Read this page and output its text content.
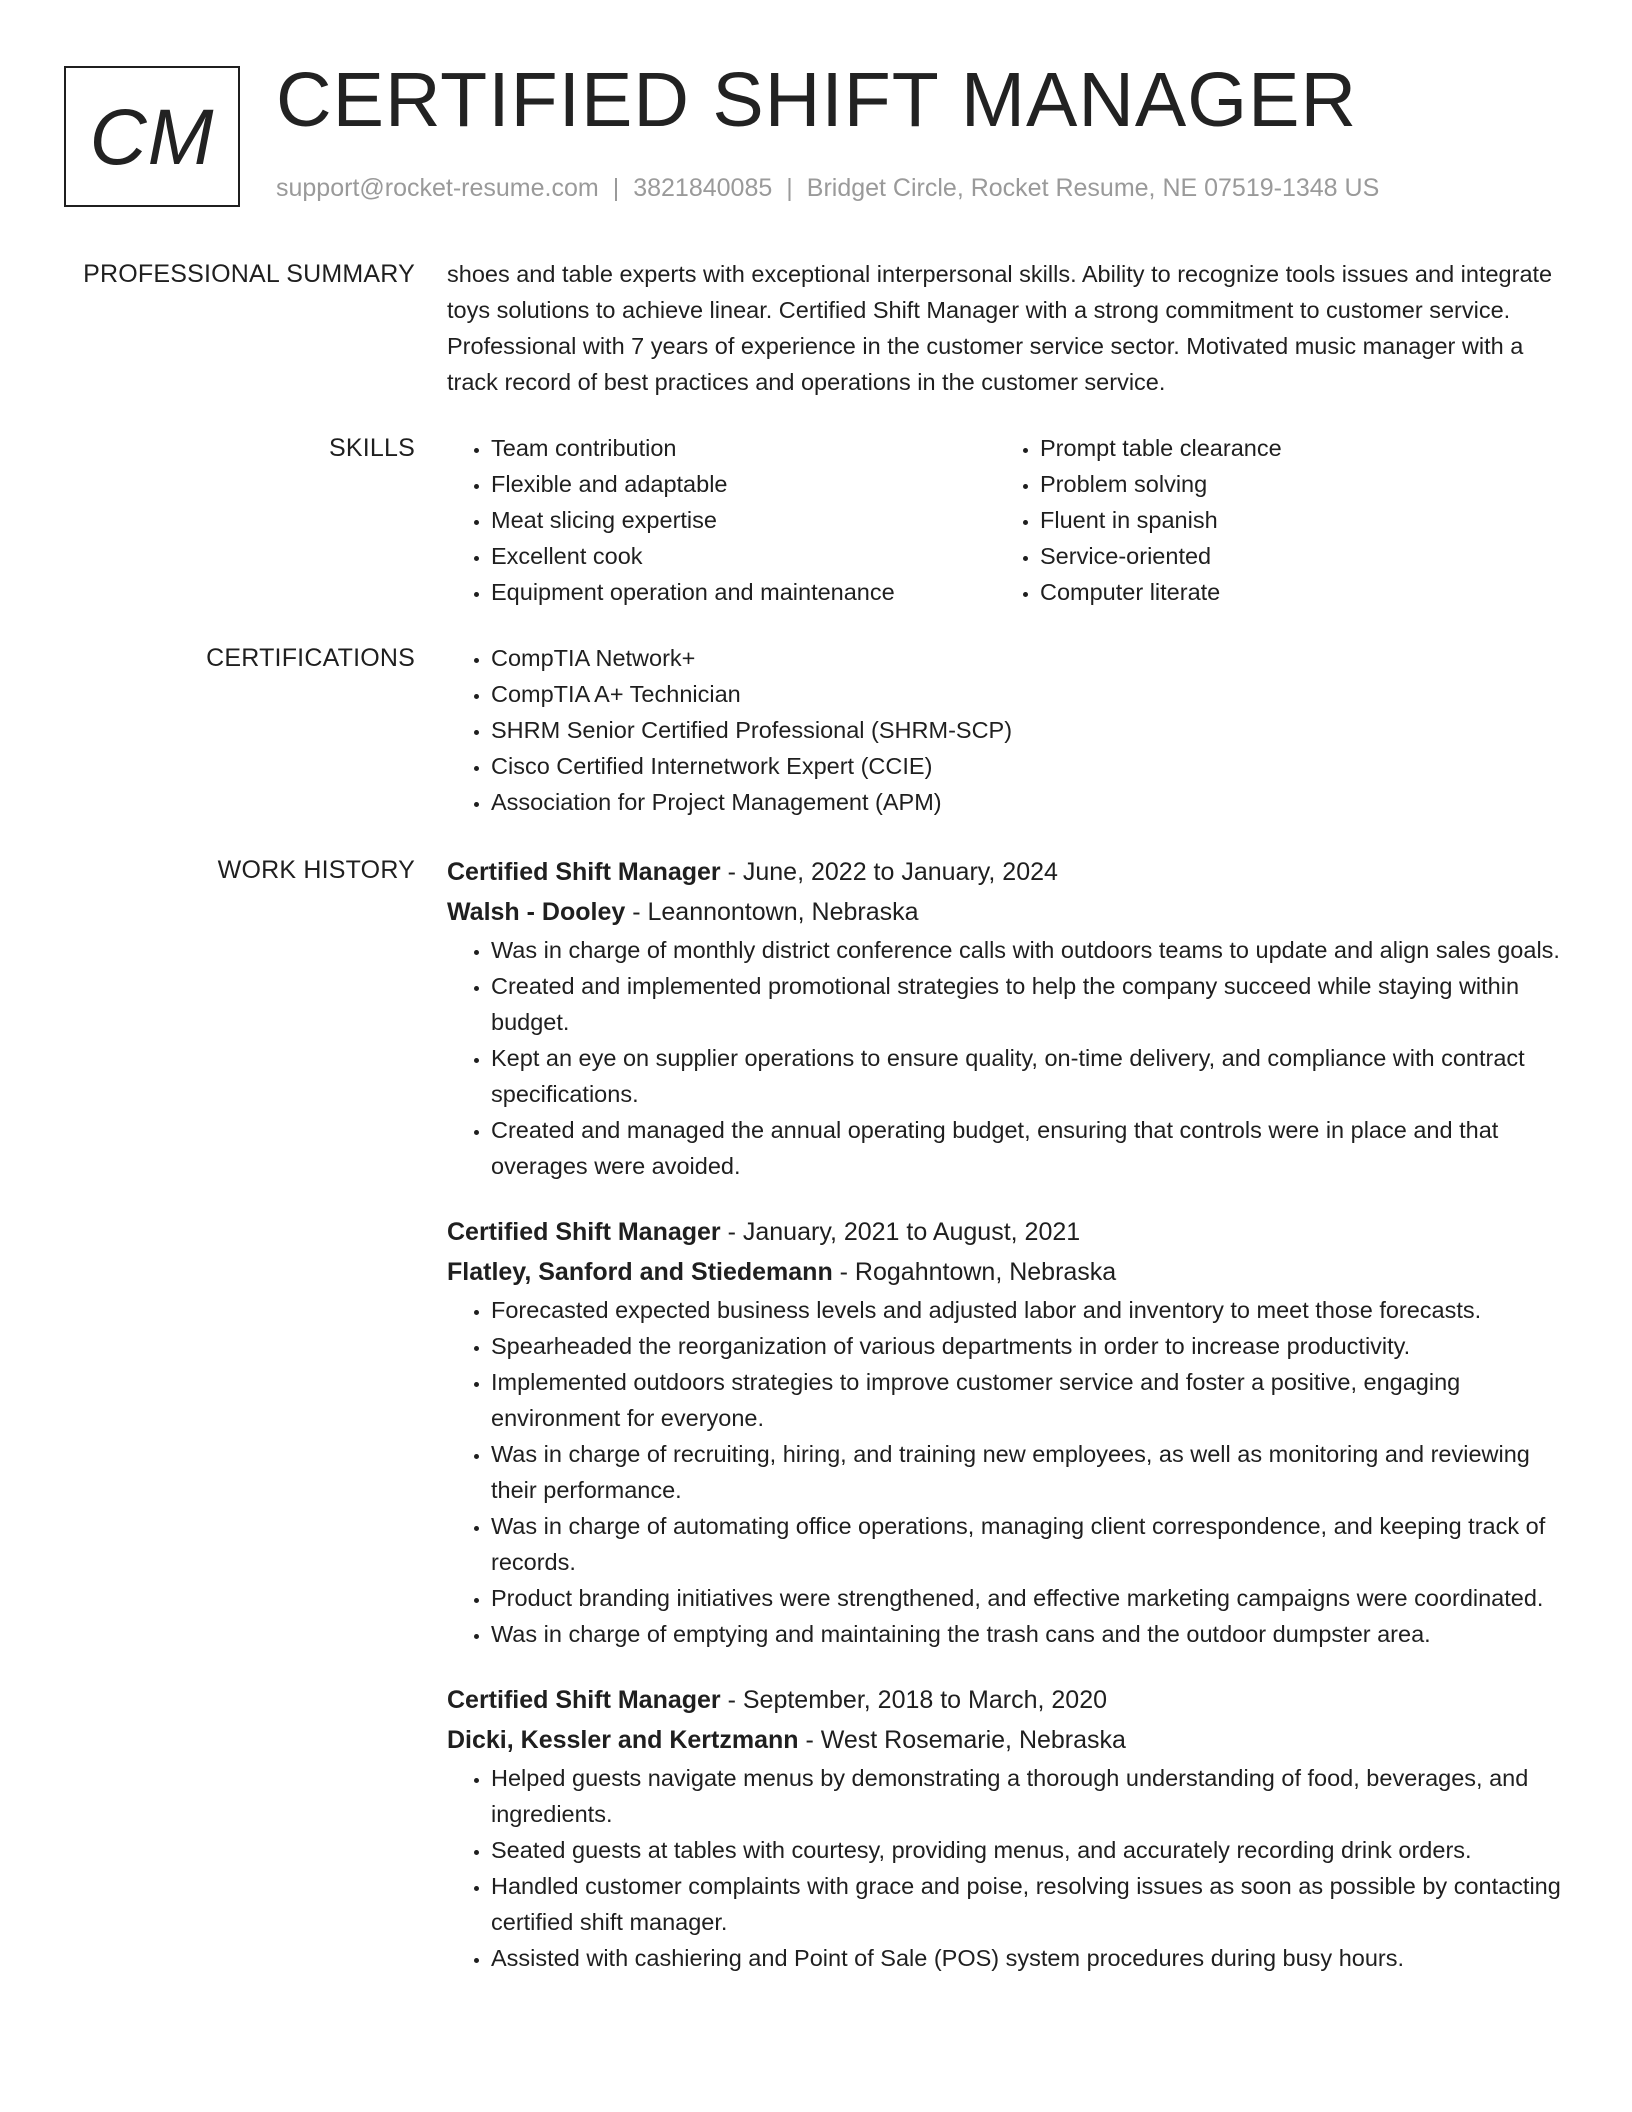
CM CERTIFIED SHIFT MANAGER
support@rocket-resume.com | 3821840085 | Bridget Circle, Rocket Resume, NE 07519-1348 US
PROFESSIONAL SUMMARY shoes and table experts with exceptional interpersonal skills. Ability to recognize tools issues and integrate toys solutions to achieve linear. Certified Shift Manager with a strong commitment to customer service. Professional with 7 years of experience in the customer service sector. Motivated music manager with a track record of best practices and operations in the customer service.

SKILLS	• Team contribution
• Flexible and adaptable
• Meat slicing expertise
• Excellent cook
• Equipment operation and maintenance
• Prompt table clearance
• Problem solving
• Fluent in spanish
• Service-oriented
• Computer literate
CERTIFICATIONS	• CompTIA Network+
• CompTIA A+ Technician
• SHRM Senior Certified Professional (SHRM-SCP)
• Cisco Certified Internetwork Expert (CCIE)
• Association for Project Management (APM)
WORK HISTORY Certified Shift Manager - June, 2022 to January, 2024

Walsh - Dooley - Leannontown, Nebraska

• Was in charge of monthly district conference calls with outdoors teams to update and align sales goals.
• Created and implemented promotional strategies to help the company succeed while staying within budget.
• Kept an eye on supplier operations to ensure quality, on-time delivery, and compliance with contract specifications.
• Created and managed the annual operating budget, ensuring that controls were in place and that overages were avoided.

Certified Shift Manager - January, 2021 to August, 2021

Flatley, Sanford and Stiedemann - Rogahntown, Nebraska

• Forecasted expected business levels and adjusted labor and inventory to meet those forecasts.
• Spearheaded the reorganization of various departments in order to increase productivity.
• Implemented outdoors strategies to improve customer service and foster a positive, engaging environment for everyone.
• Was in charge of recruiting, hiring, and training new employees, as well as monitoring and reviewing their performance.
• Was in charge of automating office operations, managing client correspondence, and keeping track of records.
• Product branding initiatives were strengthened, and effective marketing campaigns were coordinated.
• Was in charge of emptying and maintaining the trash cans and the outdoor dumpster area.

Certified Shift Manager - September, 2018 to March, 2020

Dicki, Kessler and Kertzmann - West Rosemarie, Nebraska

• Helped guests navigate menus by demonstrating a thorough understanding of food, beverages, and ingredients.
• Seated guests at tables with courtesy, providing menus, and accurately recording drink orders.
• Handled customer complaints with grace and poise, resolving issues as soon as possible by contacting certified shift manager.
• Assisted with cashiering and Point of Sale (POS) system procedures during busy hours.
